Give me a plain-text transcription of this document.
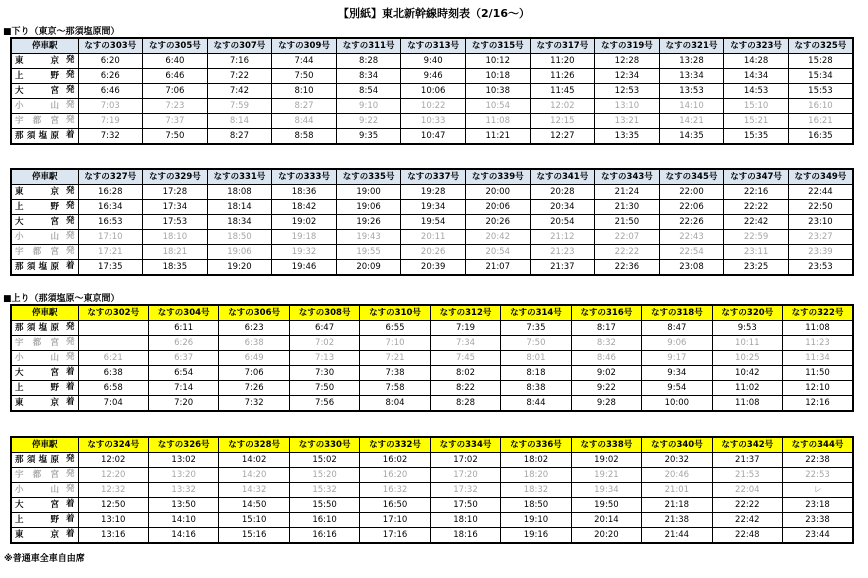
【別紙】東北新幹線時刻表（2/16～）
■下り（東京～那須塩原間）
停車駅	なすの303号	なすの305号	なすの307号	なすの309号	なすの311号	なすの313号	なすの315号	なすの317号	なすの319号	なすの321号	なすの323号	なすの325号

東京 発	6:20	6:40	7:16	7:44	8:28	9:40	10:12	11:20	12:28	13:28	14:28	15:28

上野 発	6:26	6:46	7:22	7:50	8:34	9:46	10:18	11:26	12:34	13:34	14:34	15:34

大宮 発	6:46	7:06	7:42	8:10	8:54	10:06	10:38	11:45	12:53	13:53	14:53	15:53

小山 発	7:03	7:23	7:59	8:27	9:10	10:22	10:54	12:02	13:10	14:10	15:10	16:10

宇都宮 発	7:19	7:37	8:14	8:44	9:22	10:33	11:08	12:15	13:21	14:21	15:21	16:21

那須塩原 着	7:32	7:50	8:27	8:58	9:35	10:47	11:21	12:27	13:35	14:35	15:35	16:35
停車駅	なすの327号	なすの329号	なすの331号	なすの333号	なすの335号	なすの337号	なすの339号	なすの341号	なすの343号	なすの345号	なすの347号	なすの349号

東京 発	16:28	17:28	18:08	18:36	19:00	19:28	20:00	20:28	21:24	22:00	22:16	22:44

上野 発	16:34	17:34	18:14	18:42	19:06	19:34	20:06	20:34	21:30	22:06	22:22	22:50

大宮 発	16:53	17:53	18:34	19:02	19:26	19:54	20:26	20:54	21:50	22:26	22:42	23:10

小山 発	17:10	18:10	18:50	19:18	19:43	20:11	20:42	21:12	22:07	22:43	22:59	23:27

宇都宮 発	17:21	18:21	19:06	19:32	19:55	20:26	20:54	21:23	22:22	22:54	23:11	23:39

那須塩原 着	17:35	18:35	19:20	19:46	20:09	20:39	21:07	21:37	22:36	23:08	23:25	23:53
■上り（那須塩原～東京間）
停車駅	なすの302号	なすの304号	なすの306号	なすの308号	なすの310号	なすの312号	なすの314号	なすの316号	なすの318号	なすの320号	なすの322号

那須塩原 発		6:11	6:23	6:47	6:55	7:19	7:35	8:17	8:47	9:53	11:08

宇都宮 発		6:26	6:38	7:02	7:10	7:34	7:50	8:32	9:06	10:11	11:23

小山 発	6:21	6:37	6:49	7:13	7:21	7:45	8:01	8:46	9:17	10:25	11:34

大宮 着	6:38	6:54	7:06	7:30	7:38	8:02	8:18	9:02	9:34	10:42	11:50

上野 着	6:58	7:14	7:26	7:50	7:58	8:22	8:38	9:22	9:54	11:02	12:10

東京 着	7:04	7:20	7:32	7:56	8:04	8:28	8:44	9:28	10:00	11:08	12:16
停車駅	なすの324号	なすの326号	なすの328号	なすの330号	なすの332号	なすの334号	なすの336号	なすの338号	なすの340号	なすの342号	なすの344号

那須塩原 発	12:02	13:02	14:02	15:02	16:02	17:02	18:02	19:02	20:32	21:37	22:38

宇都宮 発	12:20	13:20	14:20	15:20	16:20	17:20	18:20	19:21	20:46	21:53	22:53

小山 発	12:32	13:32	14:32	15:32	16:32	17:32	18:32	19:34	21:01	22:04	レ

大宮 着	12:50	13:50	14:50	15:50	16:50	17:50	18:50	19:50	21:18	22:22	23:18

上野 着	13:10	14:10	15:10	16:10	17:10	18:10	19:10	20:14	21:38	22:42	23:38

東京 着	13:16	14:16	15:16	16:16	17:16	18:16	19:16	20:20	21:44	22:48	23:44
※普通車全車自由席
